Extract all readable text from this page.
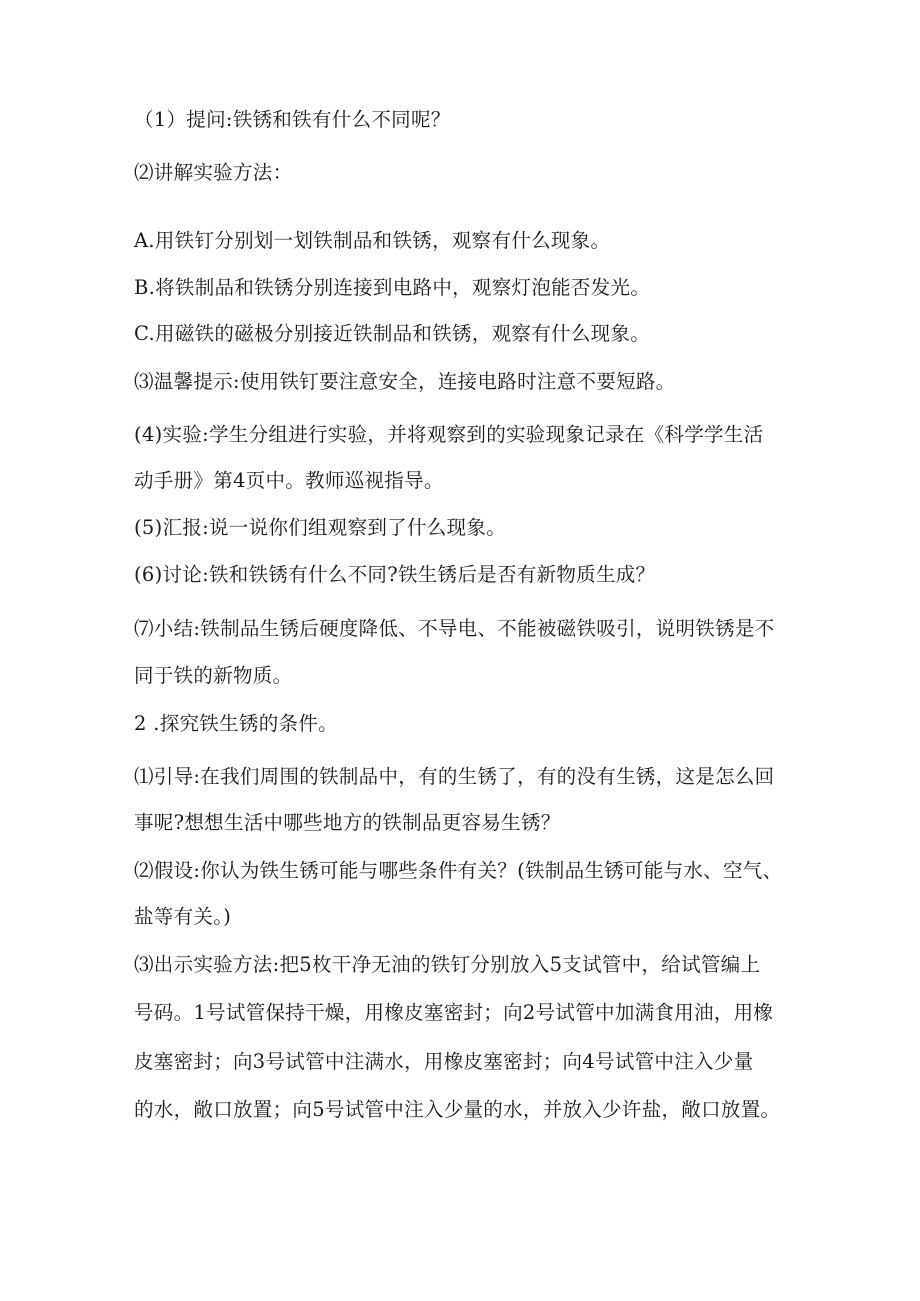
（1）提问:铁锈和铁有什么不同呢？
⑵讲解实验方法：
A.用铁钉分别划一划铁制品和铁锈，观察有什么现象。
B.将铁制品和铁锈分别连接到电路中，观察灯泡能否发光。
C.用磁铁的磁极分别接近铁制品和铁锈，观察有什么现象。
⑶温馨提示:使用铁钉要注意安全，连接电路时注意不要短路。
(4)实验:学生分组进行实验，并将观察到的实验现象记录在《科学学生活
动手册》第4页中。教师巡视指导。
(5)汇报:说一说你们组观察到了什么现象。
(6)讨论:铁和铁锈有什么不同?铁生锈后是否有新物质生成？
⑺小结:铁制品生锈后硬度降低、不导电、不能被磁铁吸引，说明铁锈是不
同于铁的新物质。
2 .探究铁生锈的条件。
⑴引导:在我们周围的铁制品中，有的生锈了，有的没有生锈，这是怎么回
事呢?想想生活中哪些地方的铁制品更容易生锈？
⑵假设:你认为铁生锈可能与哪些条件有关？(铁制品生锈可能与水、空气、
盐等有关。)
⑶出示实验方法:把5枚干净无油的铁钉分别放入5支试管中，给试管编上
号码。1号试管保持干燥，用橡皮塞密封；向2号试管中加满食用油，用橡
皮塞密封；向3号试管中注满水，用橡皮塞密封；向4号试管中注入少量
的水，敞口放置；向5号试管中注入少量的水，并放入少许盐，敞口放置。
